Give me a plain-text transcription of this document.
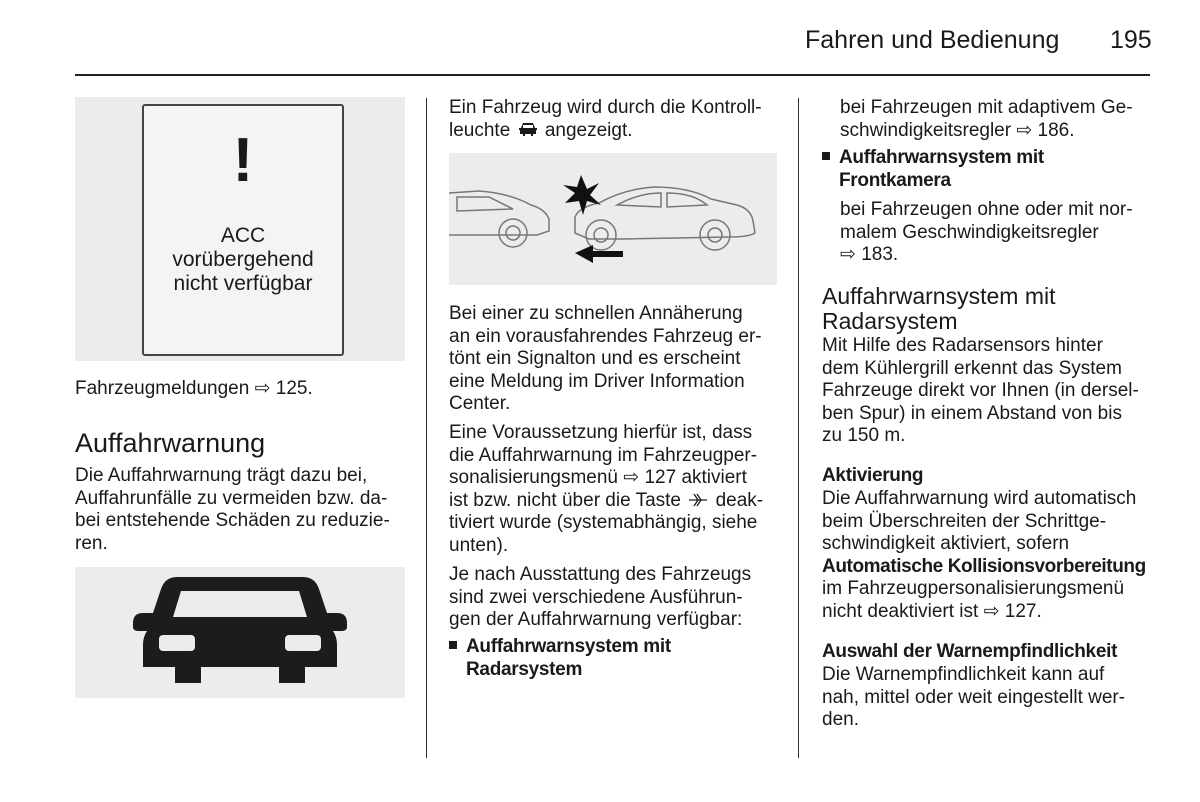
Fahren und Bedienung 195
!
ACC
vorübergehend
nicht verfügbar
Fahrzeugmeldungen ⇨ 125.
Auffahrwarnung

Die Auffahrwarnung trägt dazu bei,

Auffahrunfälle zu vermeiden bzw. da-

bei entstehende Schäden zu reduzie-

ren.

Ein Fahrzeug wird durch die Kontroll-

leuchte angezeigt.

Bei einer zu schnellen Annäherung

an ein vorausfahrendes Fahrzeug er-

tönt ein Signalton und es erscheint

eine Meldung im Driver Information

Center.

Eine Voraussetzung hierfür ist, dass

die Auffahrwarnung im Fahrzeugper-

sonalisierungsmenü ⇨ 127 aktiviert

ist bzw. nicht über die Taste deak-

tiviert wurde (systemabhängig, siehe

unten).

Je nach Ausstattung des Fahrzeugs

sind zwei verschiedene Ausführun-

gen der Auffahrwarnung verfügbar:

Auffahrwarnsystem mit
Radarsystem

bei Fahrzeugen mit adaptivem Ge-

schwindigkeitsregler ⇨ 186.

Auffahrwarnsystem mit
Frontkamera

bei Fahrzeugen ohne oder mit nor-

malem Geschwindigkeitsregler

⇨ 183.

Auffahrwarnsystem mit
Radarsystem

Mit Hilfe des Radarsensors hinter

dem Kühlergrill erkennt das System

Fahrzeuge direkt vor Ihnen (in dersel-

ben Spur) in einem Abstand von bis

zu 150 m.

Aktivierung

Die Auffahrwarnung wird automatisch

beim Überschreiten der Schrittge-

schwindigkeit aktiviert, sofern

Automatische Kollisionsvorbereitung

im Fahrzeugpersonalisierungsmenü

nicht deaktiviert ist ⇨ 127.

Auswahl der Warnempfindlichkeit

Die Warnempfindlichkeit kann auf

nah, mittel oder weit eingestellt wer-

den.
